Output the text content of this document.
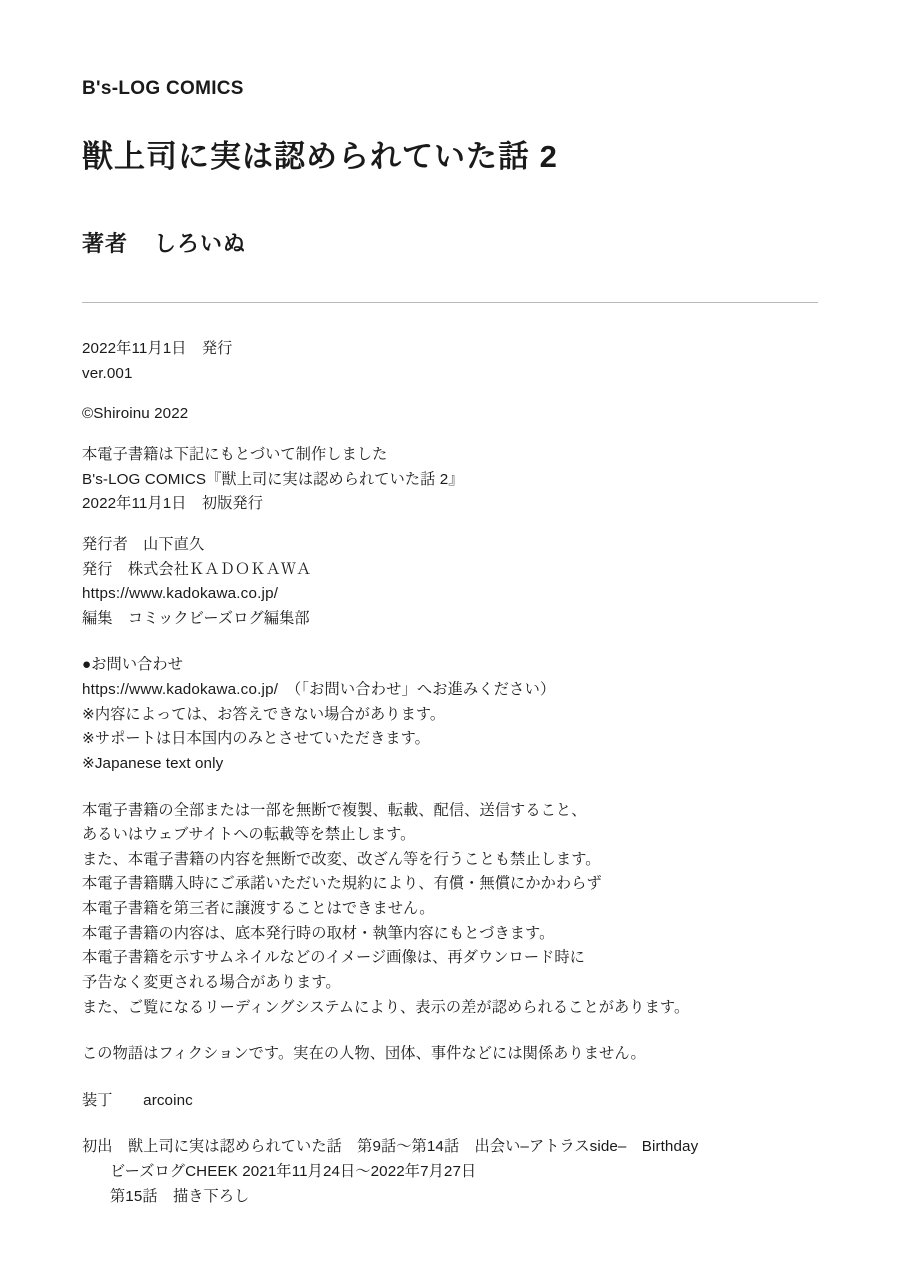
B's-LOG COMICS
獣上司に実は認められていた話 2
著者 しろいぬ
2022年11月1日　発行
ver.001
©Shiroinu 2022
本電子書籍は下記にもとづいて制作しました
B's-LOG COMICS『獣上司に実は認められていた話 2』
2022年11月1日　初版発行
発行者　山下直久
発行　株式会社ＫＡＤＯＫＡＷＡ
https://www.kadokawa.co.jp/
編集　コミックビーズログ編集部
●お問い合わせ
https://www.kadokawa.co.jp/　（「お問い合わせ」へお進みください）
※内容によっては、お答えできない場合があります。
※サポートは日本国内のみとさせていただきます。
※Japanese text only
本電子書籍の全部または一部を無断で複製、転載、配信、送信すること、
あるいはウェブサイトへの転載等を禁止します。
また、本電子書籍の内容を無断で改変、改ざん等を行うことも禁止します。
本電子書籍購入時にご承諾いただいた規約により、有償・無償にかかわらず
本電子書籍を第三者に譲渡することはできません。
本電子書籍の内容は、底本発行時の取材・執筆内容にもとづきます。
本電子書籍を示すサムネイルなどのイメージ画像は、再ダウンロード時に
予告なく変更される場合があります。
また、ご覧になるリーディングシステムにより、表示の差が認められることがあります。
この物語はフィクションです。実在の人物、団体、事件などには関係ありません。
装丁　　 arcoinc
初出　 獣上司に実は認められていた話　第9話〜第14話　出会い–アトラスside–　Birthday
ビーズログCHEEK 2021年11月24日〜2022年7月27日
第15話　描き下ろし
